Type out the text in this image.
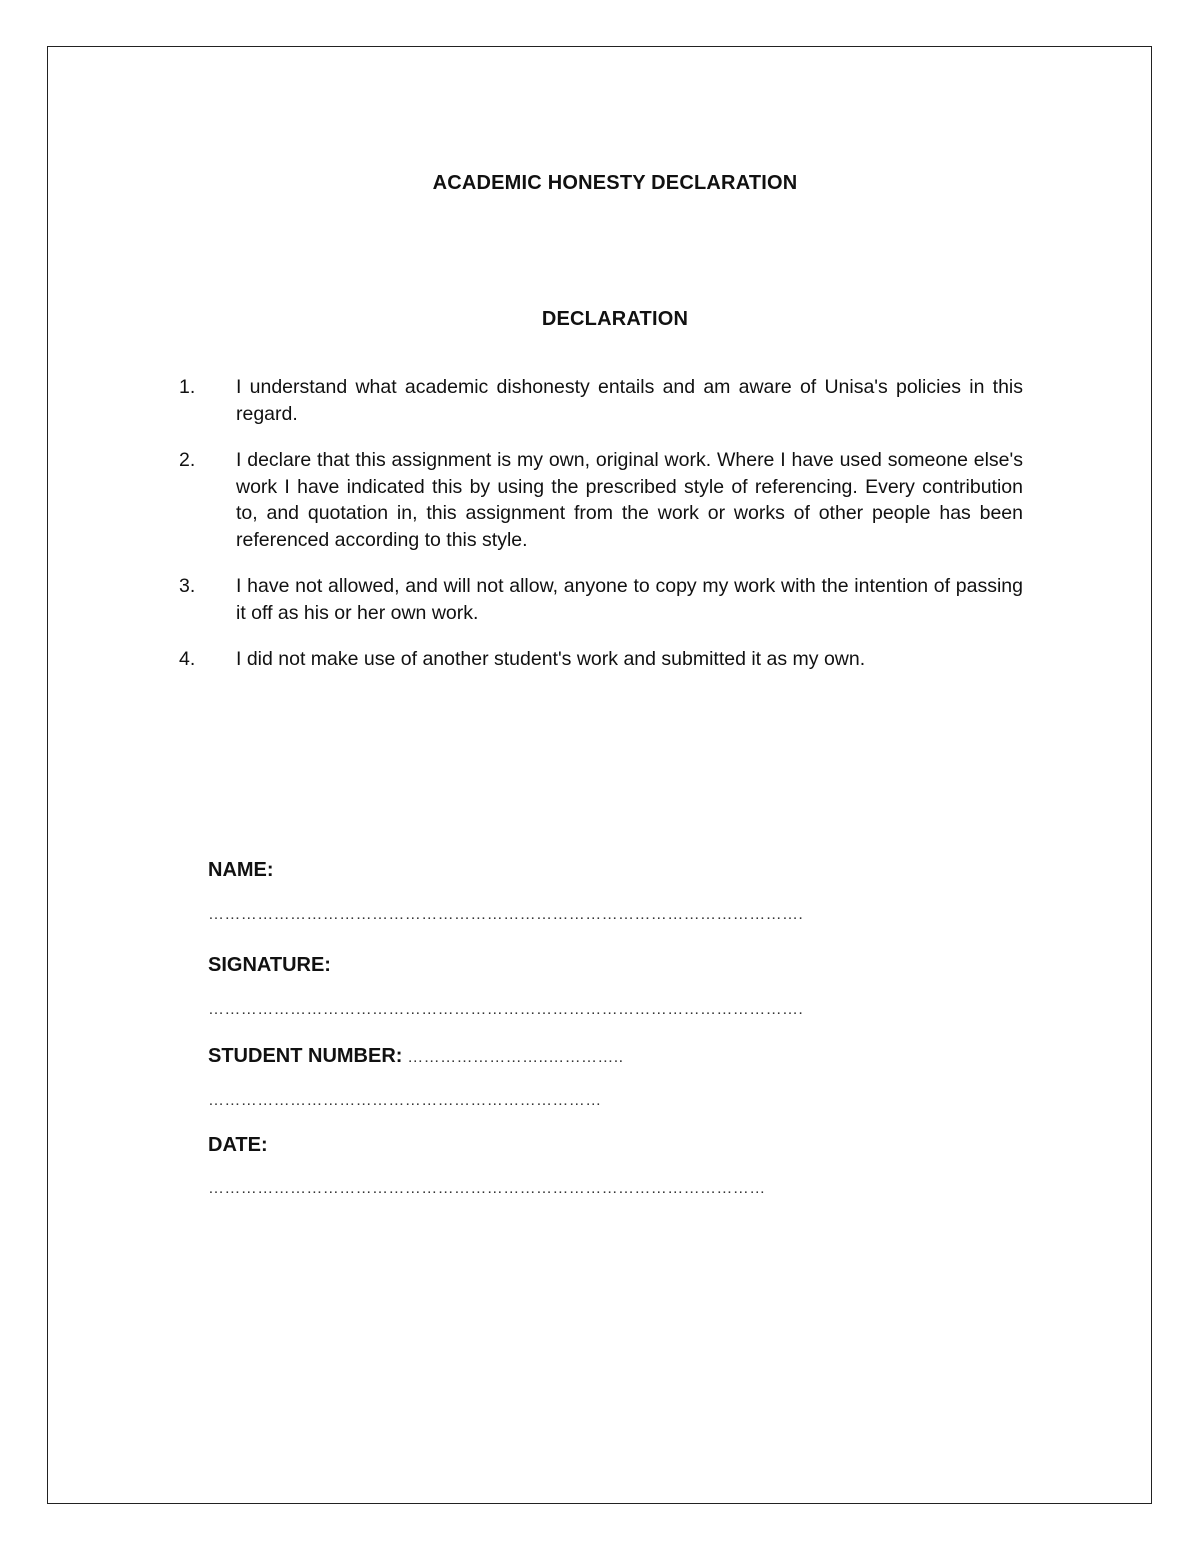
ACADEMIC HONESTY DECLARATION
DECLARATION
1. I understand what academic dishonesty entails and am aware of Unisa's policies in this regard.
2. I declare that this assignment is my own, original work. Where I have used someone else's work I have indicated this by using the prescribed style of referencing. Every contribution to, and quotation in, this assignment from the work or works of other people has been referenced according to this style.
3. I have not allowed, and will not allow, anyone to copy my work with the intention of passing it off as his or her own work.
4. I did not make use of another student's work and submitted it as my own.
NAME:
……………………………………………………………………………………………….
SIGNATURE:
……………………………………………………………………………………………….
STUDENT NUMBER: ……………………..…………..
………………………………………………………………
DATE:
…………………………………………………………………………………………
